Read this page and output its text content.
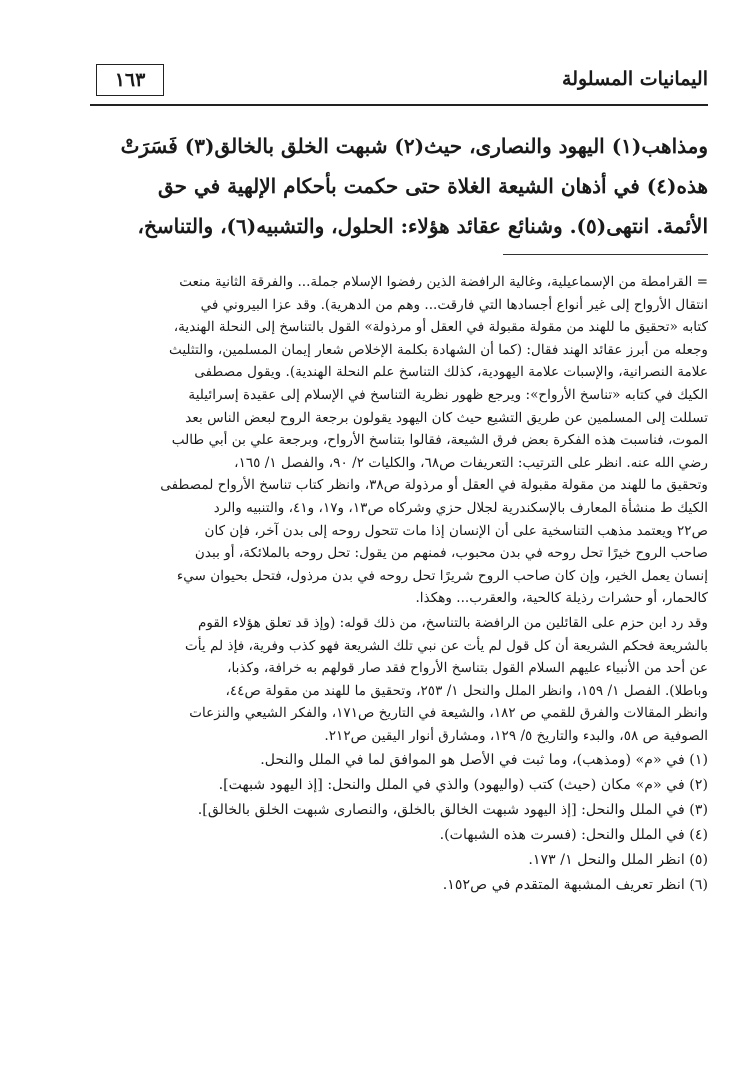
اليمانيات المسلولة
١٦٣

ومذاهب(١) اليهود والنصارى، حيث(٢) شبهت الخلق بالخالق(٣) فَسَرَتْ

هذه(٤) في أذهان الشيعة الغلاة حتى حكمت بأحكام الإلهية في حق

الأئمة. انتهى(٥). وشنائع عقائد هؤلاء: الحلول، والتشبيه(٦)، والتناسخ،

= القرامطة من الإسماعيلية، وغالية الرافضة الذين رفضوا الإسلام جملة... والفرقة الثانية منعت

انتقال الأرواح إلى غير أنواع أجسادها التي فارقت... وهم من الدهرية). وقد عزا البيروني في

كتابه «تحقيق ما للهند من مقولة مقبولة في العقل أو مرذولة» القول بالتناسخ إلى النحلة الهندية،

وجعله من أبرز عقائد الهند فقال: (كما أن الشهادة بكلمة الإخلاص شعار إيمان المسلمين، والتثليث

علامة النصرانية، والإسبات علامة اليهودية، كذلك التناسخ علم النحلة الهندية). ويقول مصطفى

الكيك في كتابه «تناسخ الأرواح»: ويرجع ظهور نظرية التناسخ في الإسلام إلى عقيدة إسرائيلية

تسللت إلى المسلمين عن طريق التشيع حيث كان اليهود يقولون برجعة الروح لبعض الناس بعد

الموت، فناسبت هذه الفكرة بعض فرق الشيعة، فقالوا بتناسخ الأرواح، وبرجعة علي بن أبي طالب

رضي الله عنه. انظر على الترتيب: التعريفات ص٦٨، والكليات ٢/ ٩٠، والفصل ١/ ١٦٥،

وتحقيق ما للهند من مقولة مقبولة في العقل أو مرذولة ص٣٨، وانظر كتاب تناسخ الأرواح لمصطفى

الكيك ط منشأة المعارف بالإسكندرية لجلال حزي وشركاه ص١٣، و١٧، و٤١، والتنبيه والرد

ص٢٢ ويعتمد مذهب التناسخية على أن الإنسان إذا مات تتحول روحه إلى بدن آخر، فإن كان

صاحب الروح خيرًا تحل روحه في بدن محبوب، فمنهم من يقول: تحل روحه بالملائكة، أو ببدن

إنسان يعمل الخير، وإن كان صاحب الروح شريرًا تحل روحه في بدن مرذول، فتحل بحيوان سيء

كالحمار، أو حشرات رذيلة كالحية، والعقرب... وهكذا.

وقد رد ابن حزم على القائلين من الرافضة بالتناسخ، من ذلك قوله: (وإذ قد تعلق هؤلاء القوم

بالشريعة فحكم الشريعة أن كل قول لم يأت عن نبي تلك الشريعة فهو كذب وفرية، فإذ لم يأت

عن أحد من الأنبياء عليهم السلام القول بتناسخ الأرواح فقد صار قولهم به خرافة، وكذبا،

وباطلا). الفصل ١/ ١٥٩، وانظر الملل والنحل ١/ ٢٥٣، وتحقيق ما للهند من مقولة ص٤٤،

وانظر المقالات والفرق للقمي ص ١٨٢، والشيعة في التاريخ ص١٧١، والفكر الشيعي والنزعات

الصوفية ص ٥٨، والبدء والتاريخ ٥/ ١٢٩، ومشارق أنوار اليقين ص٢١٢.

(١) في «م» (ومذهب)، وما ثبت في الأصل هو الموافق لما في الملل والنحل.

(٢) في «م» مكان (حيث) كتب (واليهود) والذي في الملل والنحل: [إذ اليهود شبهت].

(٣) في الملل والنحل: [إذ اليهود شبهت الخالق بالخلق، والنصارى شبهت الخلق بالخالق].

(٤) في الملل والنحل: (فسرت هذه الشبهات).

(٥) انظر الملل والنحل ١/ ١٧٣.

(٦) انظر تعريف المشبهة المتقدم في ص١٥٢.
